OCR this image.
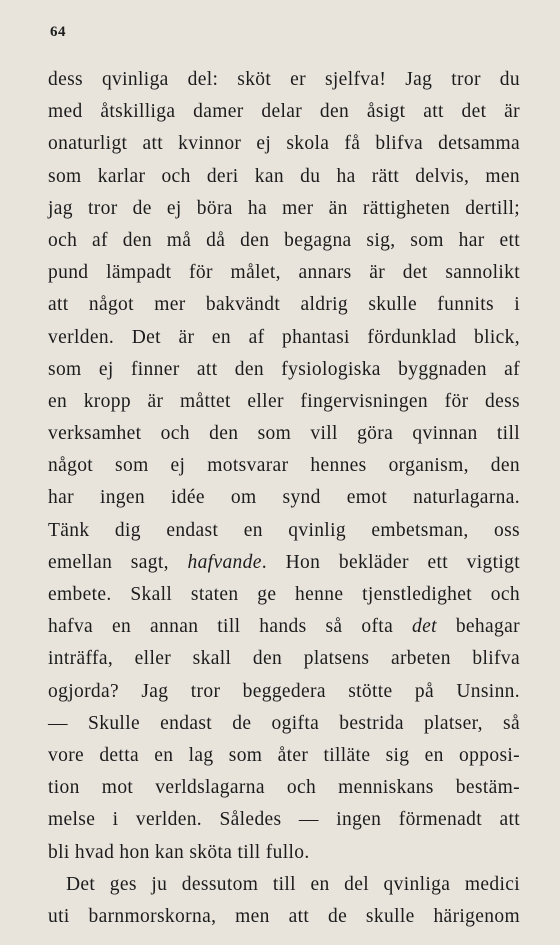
64
dess qvinliga del: sköt er sjelfva! Jag tror du
med åtskilliga damer delar den åsigt att det är
onaturligt att kvinnor ej skola få blifva detsamma
som karlar och deri kan du ha rätt delvis, men
jag tror de ej böra ha mer än rättigheten dertill;
och af den må då den begagna sig, som har ett
pund lämpadt för målet, annars är det sannolikt
att något mer bakvändt aldrig skulle funnits i
verlden. Det är en af phantasi fördunklad blick,
som ej finner att den fysiologiska byggnaden af
en kropp är måttet eller fingervisningen för dess
verksamhet och den som vill göra qvinnan till
något som ej motsvarar hennes organism, den
har ingen idée om synd emot naturlagarna.
Tänk dig endast en qvinlig embetsman, oss
emellan sagt, hafvande. Hon bekläder ett vigtigt
embete. Skall staten ge henne tjenstledighet och
hafva en annan till hands så ofta det behagar
inträffa, eller skall den platsens arbeten blifva
ogjorda? Jag tror beggedera stötte på Unsinn.
— Skulle endast de ogifta bestrida platser, så
vore detta en lag som åter tilläte sig en opposi-
tion mot verldslagarna och menniskans bestäm-
melse i verlden. Således — ingen förmenadt att
bli hvad hon kan sköta till fullo.
Det ges ju dessutom till en del qvinliga medici
uti barnmorskorna, men att de skulle härigenom
